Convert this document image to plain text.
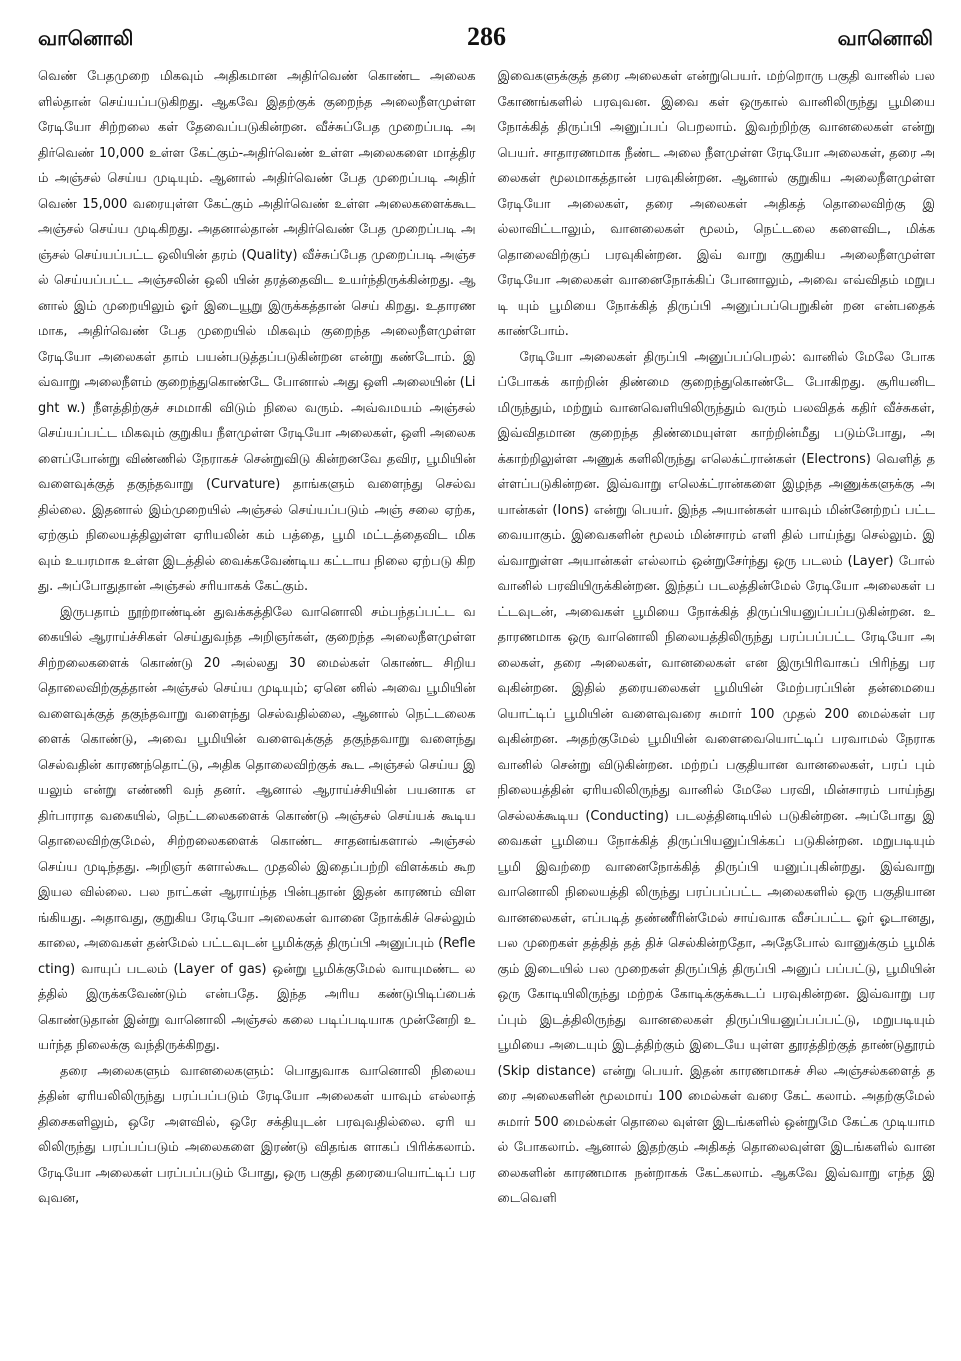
வானொலி	286	வானொலி

வெண் பேதமுறை மிகவும் அதிகமான அதிர்வெண் கொண்ட அலைகளில்தான் செய்யப்படுகிறது. ஆகவே இதற்குக் குறைந்த அலைநீளமுள்ள ரேடியோ சிற்றலை கள் தேவைப்படுகின்றன. வீச்சுப்பேத முறைப்படி அதிர்வெண் 10,000 உள்ள கேட்கும்-அதிர்வெண் உள்ள அலைகளை மாத்திரம் அஞ்சல் செய்ய முடியும். ஆனால் அதிர்வெண் பேத முறைப்படி அதிர் வெண் 15,000 வரையுள்ள கேட்கும் அதிர்வெண் உள்ள அலைகளைக்கூட அஞ்சல் செய்ய முடிகிறது. அதனால்தான் அதிர்வெண் பேத முறைப்படி அஞ்சல் செய்யப்பட்ட ஒலியின் தரம் (Quality) வீச்சுப்பேத முறைப்படி அஞ்சல் செய்யப்பட்ட அஞ்சலின் ஒலி யின் தரத்தைவிட உயர்ந்திருக்கின்றது. ஆனால் இம் முறையிலும் ஓர் இடையூறு இருக்கத்தான் செய் கிறது. உதாரணமாக, அதிர்வெண் பேத முறையில் மிகவும் குறைந்த அலைநீளமுள்ள ரேடியோ அலைகள் தாம் பயன்படுத்தப்படுகின்றன என்று கண்டோம். இவ்வாறு அலைநீளம் குறைந்துகொண்டே போனால் அது ஒளி அலையின் (Light w.) நீளத்திற்குச் சமமாகி விடும் நிலை வரும். அவ்வமயம் அஞ்சல் செய்யப்பட்ட மிகவும் குறுகிய நீளமுள்ள ரேடியோ அலைகள், ஒளி அலைகளைப்போன்று விண்ணில் நேராகச் சென்றுவிடு கின்றனவே தவிர, பூமியின் வளைவுக்குத் தகுந்தவாறு (Curvature) தாங்களும் வளைந்து செல்வதில்லை. இதனால் இம்முறையில் அஞ்சல் செய்யப்படும் அஞ் சலை ஏற்க, ஏற்கும் நிலையத்திலுள்ள ஏரியலின் கம் பத்தை, பூமி மட்டத்தைவிட மிகவும் உயரமாக உள்ள இடத்தில் வைக்கவேண்டிய கட்டாய நிலை ஏற்படு கிறது. அப்போதுதான் அஞ்சல் சரியாகக் கேட்கும்.

இருபதாம் நூற்றாண்டின் துவக்கத்திலே வானொலி சம்பந்தப்பட்ட வகையில் ஆராய்ச்சிகள் செய்துவந்த அறிஞர்கள், குறைந்த அலைநீளமுள்ள சிற்றலைகளைக் கொண்டு 20 அல்லது 30 மைல்கள் கொண்ட சிறிய தொலைவிற்குத்தான் அஞ்சல் செய்ய முடியும்; ஏனெ னில் அவை பூமியின் வளைவுக்குத் தகுந்தவாறு வளைந்து செல்வதில்லை, ஆனால் நெட்டலைகளைக் கொண்டு, அவை பூமியின் வளைவுக்குத் தகுந்தவாறு வளைந்து செல்வதின் காரணந்தொட்டு, அதிக தொலைவிற்குக் கூட அஞ்சல் செய்ய இயலும் என்று எண்ணி வந் தனர். ஆனால் ஆராய்ச்சியின் பயனாக எதிர்பாராத வகையில், நெட்டலைகளைக் கொண்டு அஞ்சல் செய்யக் கூடிய தொலைவிற்குமேல், சிற்றலைகளைக் கொண்ட சாதனங்களால் அஞ்சல் செய்ய முடிந்தது. அறிஞர் களால்கூட முதலில் இதைப்பற்றி விளக்கம் கூற இயல வில்லை. பல நாட்கள் ஆராய்ந்த பின்புதான் இதன் காரணம் விளங்கியது. அதாவது, குறுகிய ரேடியோ அலைகள் வானை நோக்கிச் செல்லும் காலை, அவைகள் தன்மேல் பட்டவுடன் பூமிக்குத் திருப்பி அனுப்பும் (Reflecting) வாயுப் படலம் (Layer of gas) ஒன்று பூமிக்குமேல் வாயுமண்ட லத்தில் இருக்கவேண்டும் என்பதே. இந்த அரிய கண்டுபிடிப்பைக் கொண்டுதான் இன்று வானொலி அஞ்சல் கலை படிப்படியாக முன்னேறி உயர்ந்த நிலைக்கு வந்திருக்கிறது.

தரை அலைகளும் வானலைகளும்: பொதுவாக வானொலி நிலையத்தின் ஏரியலிலிருந்து பரப்பப்படும் ரேடியோ அலைகள் யாவும் எல்லாத் திசைகளிலும், ஒரே அளவில், ஒரே சக்தியுடன் பரவுவதில்லை. ஏரி யலிலிருந்து பரப்பப்படும் அலைகளை இரண்டு விதங்க ளாகப் பிரிக்கலாம். ரேடியோ அலைகள் பரப்பப்படும் போது, ஒரு பகுதி தரையையொட்டிப் பரவுவன,

இவைகளுக்குத் தரை அலைகள் என்றுபெயர். மற்றொரு பகுதி வானில் பல கோணங்களில் பரவுவன. இவை கள் ஒருகால் வானிலிருந்து பூமியை நோக்கித் திருப்பி அனுப்பப் பெறலாம். இவற்றிற்கு வானலைகள் என்று பெயர். சாதாரணமாக நீண்ட அலை நீளமுள்ள ரேடியோ அலைகள், தரை அலைகள் மூலமாகத்தான் பரவுகின்றன. ஆனால் குறுகிய அலைநீளமுள்ள ரேடியோ அலைகள், தரை அலைகள் அதிகத் தொலைவிற்கு இல்லாவிட்டாலும், வானலைகள் மூலம், நெட்டலை களைவிட, மிக்க தொலைவிற்குப் பரவுகின்றன. இவ் வாறு குறுகிய அலைநீளமுள்ள ரேடியோ அலைகள் வானைநோக்கிப் போனாலும், அவை எவ்விதம் மறுபடி யும் பூமியை நோக்கித் திருப்பி அனுப்பப்பெறுகின் றன என்பதைக் காண்போம்.

ரேடியோ அலைகள் திருப்பி அனுப்பப்பெறல்: வானில் மேலே போகப்போகக் காற்றின் திண்மை குறைந்துகொண்டே போகிறது. சூரியனிடமிருந்தும், மற்றும் வானவெளியிலிருந்தும் வரும் பலவிதக் கதிர் வீச்சுகள், இவ்விதமான குறைந்த திண்மையுள்ள காற்றின்மீது படும்போது, அக்காற்றிலுள்ள அணுக் களிலிருந்து எலெக்ட்ரான்கள் (Electrons) வெளித் தள்ளப்படுகின்றன. இவ்வாறு எலெக்ட்ரான்களை இழந்த அணுக்களுக்கு அயான்கள் (Ions) என்று பெயர். இந்த அயான்கள் யாவும் மின்னேற்றப் பட்டவையாகும். இவைகளின் மூலம் மின்சாரம் எளி தில் பாய்ந்து செல்லும். இவ்வாறுள்ள அயான்கள் எல்லாம் ஒன்றுசேர்ந்து ஒரு படலம் (Layer) போல் வானில் பரவியிருக்கின்றன. இந்தப் படலத்தின்மேல் ரேடியோ அலைகள் பட்டவுடன், அவைகள் பூமியை நோக்கித் திருப்பியனுப்பப்படுகின்றன. உதாரணமாக ஒரு வானொலி நிலையத்திலிருந்து பரப்பப்பட்ட ரேடியோ அலைகள், தரை அலைகள், வானலைகள் என இருபிரிவாகப் பிரிந்து பரவுகின்றன. இதில் தரையலைகள் பூமியின் மேற்பரப்பின் தன்மையை யொட்டிப் பூமியின் வளைவுவரை சுமார் 100 முதல் 200 மைல்கள் பரவுகின்றன. அதற்குமேல் பூமியின் வளைவையொட்டிப் பரவாமல் நேராக வானில் சென்று விடுகின்றன. மற்றப் பகுதியான வானலைகள், பரப் பும் நிலையத்தின் ஏரியலிலிருந்து வானில் மேலே பரவி, மின்சாரம் பாய்ந்து செல்லக்கூடிய (Conducting) படலத்தினடியில் படுகின்றன. அப்போது இவைகள் பூமியை நோக்கித் திருப்பியனுப்பிக்கப் படுகின்றன. மறுபடியும் பூமி இவற்றை வானைநோக்கித் திருப்பி யனுப்புகின்றது. இவ்வாறு வானொலி நிலையத்தி லிருந்து பரப்பப்பட்ட அலைகளில் ஒரு பகுதியான வானலைகள், எப்படித் தண்ணீரின்மேல் சாய்வாக வீசப்பட்ட ஓர் ஓடானது, பல முறைகள் தத்தித் தத் திச் செல்கின்றதோ, அதேபோல் வானுக்கும் பூமிக் கும் இடையில் பல முறைகள் திருப்பித் திருப்பி அனுப் பப்பட்டு, பூமியின் ஒரு கோடியிலிருந்து மற்றக் கோடிக்குக்கூடப் பரவுகின்றன. இவ்வாறு பரப்பும் இடத்திலிருந்து வானலைகள் திருப்பியனுப்பப்பட்டு, மறுபடியும் பூமியை அடையும் இடத்திற்கும் இடையே யுள்ள தூரத்திற்குத் தாண்டுதூரம் (Skip distance) என்று பெயர். இதன் காரணமாகச் சில அஞ்சல்களைத் தரை அலைகளின் மூலமாய் 100 மைல்கள் வரை கேட் கலாம். அதற்குமேல் சுமார் 500 மைல்கள் தொலை வுள்ள இடங்களில் ஒன்றுமே கேட்க முடியாமல் போகலாம். ஆனால் இதற்கும் அதிகத் தொலைவுள்ள இடங்களில் வானலைகளின் காரணமாக நன்றாகக் கேட்கலாம். ஆகவே இவ்வாறு எந்த இடைவெளி
